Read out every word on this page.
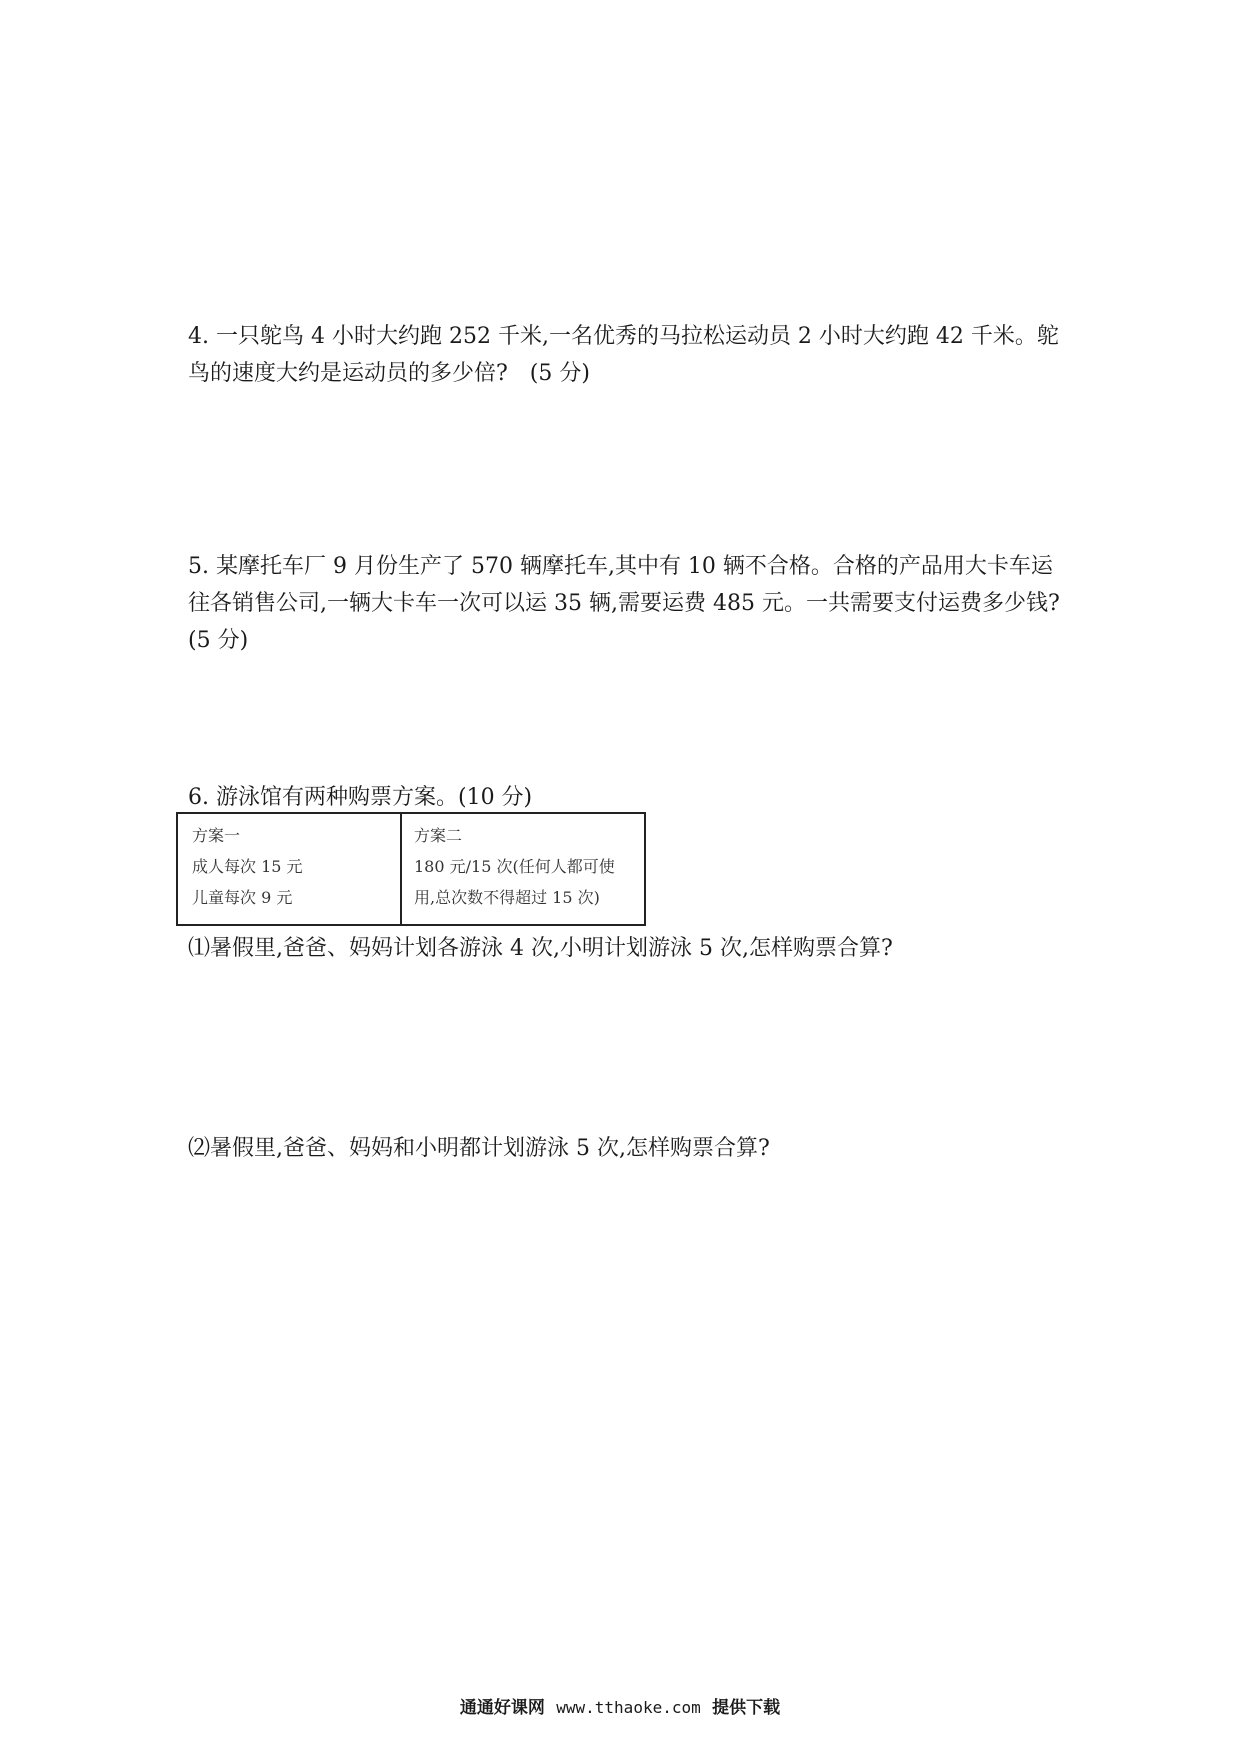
4. 一只鸵鸟 4 小时大约跑 252 千米,一名优秀的马拉松运动员 2 小时大约跑 42 千米。鸵鸟的速度大约是运动员的多少倍?　(5 分)

5. 某摩托车厂 9 月份生产了 570 辆摩托车,其中有 10 辆不合格。合格的产品用大卡车运往各销售公司,一辆大卡车一次可以运 35 辆,需要运费 485 元。一共需要支付运费多少钱?(5 分)

6. 游泳馆有两种购票方案。(10 分)

方案一
成人每次 15 元
儿童每次 9 元
方案二
180 元/15 次(任何人都可使用,总次数不得超过 15 次)

⑴暑假里,爸爸、妈妈计划各游泳 4 次,小明计划游泳 5 次,怎样购票合算?

⑵暑假里,爸爸、妈妈和小明都计划游泳 5 次,怎样购票合算?

通通好课网 www.tthaoke.com 提供下载
